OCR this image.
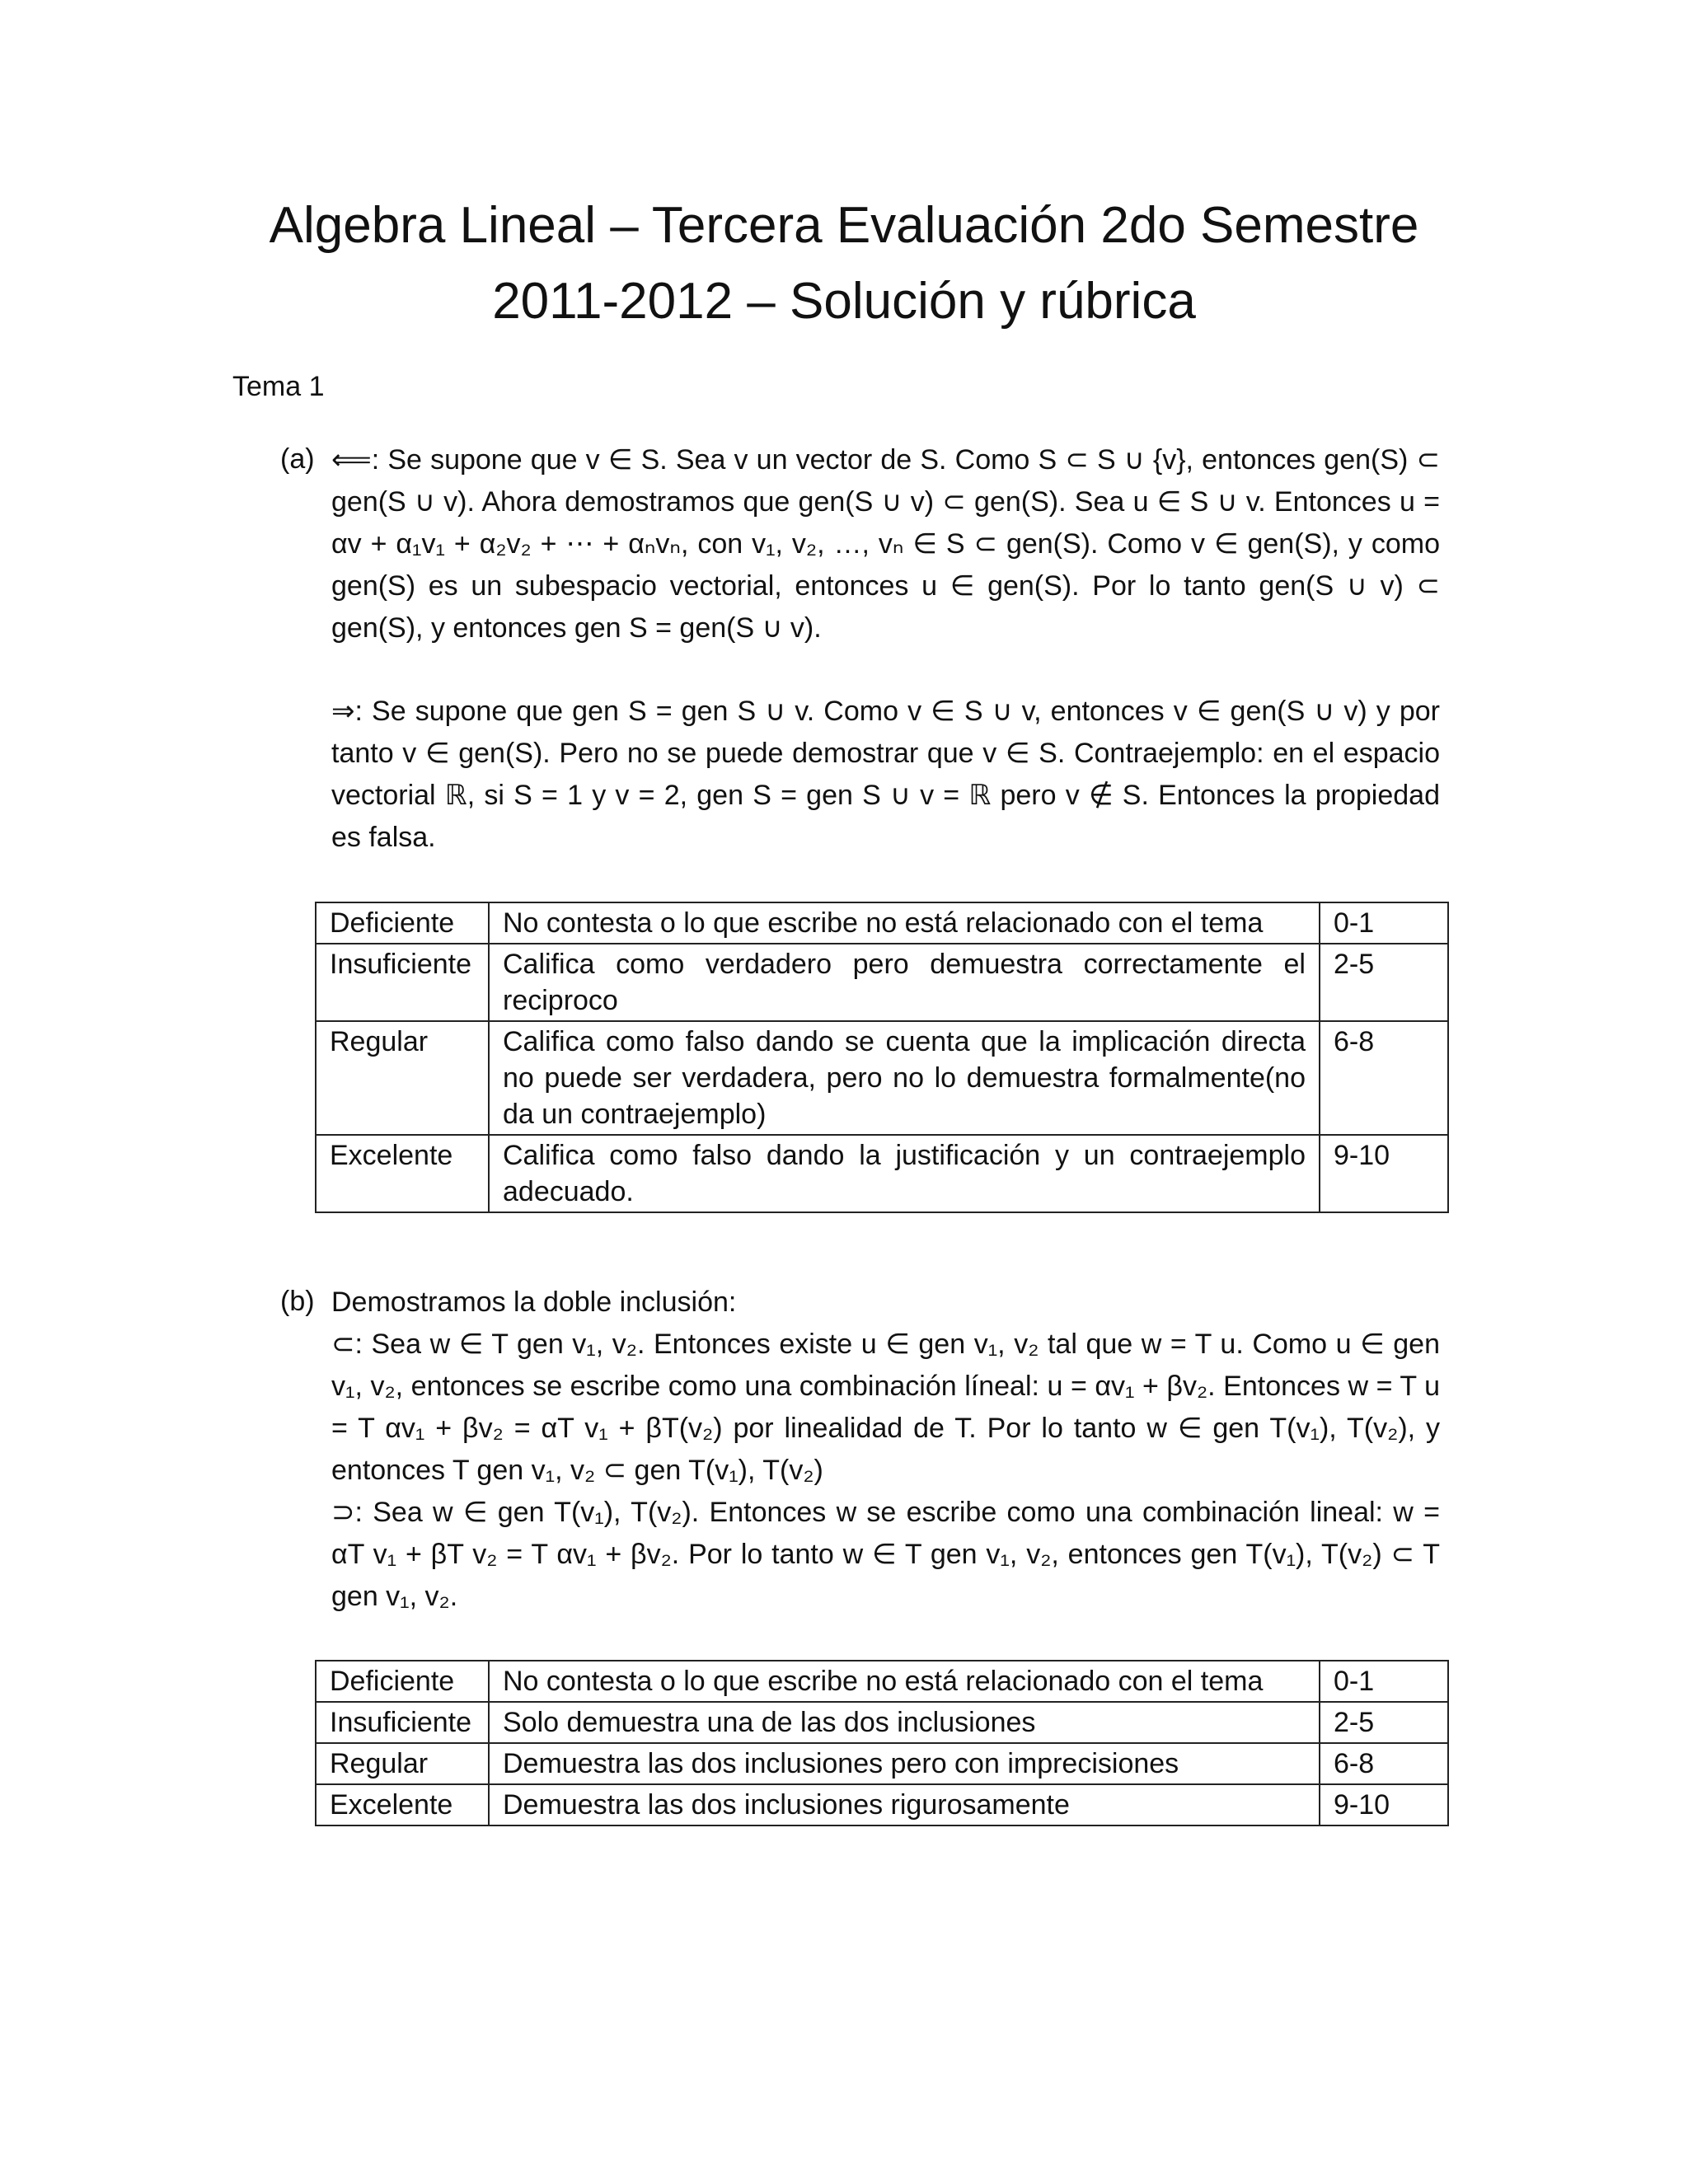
Algebra Lineal – Tercera Evaluación 2do Semestre
2011-2012 – Solución y rúbrica
Tema 1
(a) ⟸: Se supone que v ∈ S. Sea v un vector de S. Como S ⊂ S ∪ {v}, entonces gen(S) ⊂ gen(S ∪ v). Ahora demostramos que gen(S ∪ v) ⊂ gen(S). Sea u ∈ S ∪ v. Entonces u = αv + α₁v₁ + α₂v₂ + ⋯ + αₙvₙ, con v₁, v₂, …, vₙ ∈ S ⊂ gen(S). Como v ∈ gen(S), y como gen(S) es un subespacio vectorial, entonces u ∈ gen(S). Por lo tanto gen(S ∪ v) ⊂ gen(S), y entonces gen S = gen(S ∪ v).
⇒: Se supone que gen S = gen S ∪ v. Como v ∈ S ∪ v, entonces v ∈ gen(S ∪ v) y por tanto v ∈ gen(S). Pero no se puede demostrar que v ∈ S. Contraejemplo: en el espacio vectorial ℝ, si S = 1 y v = 2, gen S = gen S ∪ v = ℝ pero v ∉ S. Entonces la propiedad es falsa.
Deficiente	No contesta o lo que escribe no está relacionado con el tema	0-1
Insuficiente	Califica como verdadero pero demuestra correctamente el reciproco	2-5
Regular	Califica como falso dando se cuenta que la implicación directa no puede ser verdadera, pero no lo demuestra formalmente(no da un contraejemplo)	6-8
Excelente	Califica como falso dando la justificación y un contraejemplo adecuado.	9-10
(b) Demostramos la doble inclusión:
⊂: Sea w ∈ T gen v₁, v₂. Entonces existe u ∈ gen v₁, v₂ tal que w = T u. Como u ∈ gen v₁, v₂, entonces se escribe como una combinación líneal: u = αv₁ + βv₂. Entonces w = T u = T αv₁ + βv₂ = αT v₁ + βT(v₂) por linealidad de T. Por lo tanto w ∈ gen T(v₁), T(v₂), y entonces T gen v₁, v₂ ⊂ gen T(v₁), T(v₂)
⊃: Sea w ∈ gen T(v₁), T(v₂). Entonces w se escribe como una combinación lineal: w = αT v₁ + βT v₂ = T αv₁ + βv₂. Por lo tanto w ∈ T gen v₁, v₂, entonces gen T(v₁), T(v₂) ⊂ T gen v₁, v₂.
Deficiente	No contesta o lo que escribe no está relacionado con el tema	0-1
Insuficiente	Solo demuestra una de las dos inclusiones	2-5
Regular	Demuestra las dos inclusiones pero con imprecisiones	6-8
Excelente	Demuestra las dos inclusiones rigurosamente	9-10
